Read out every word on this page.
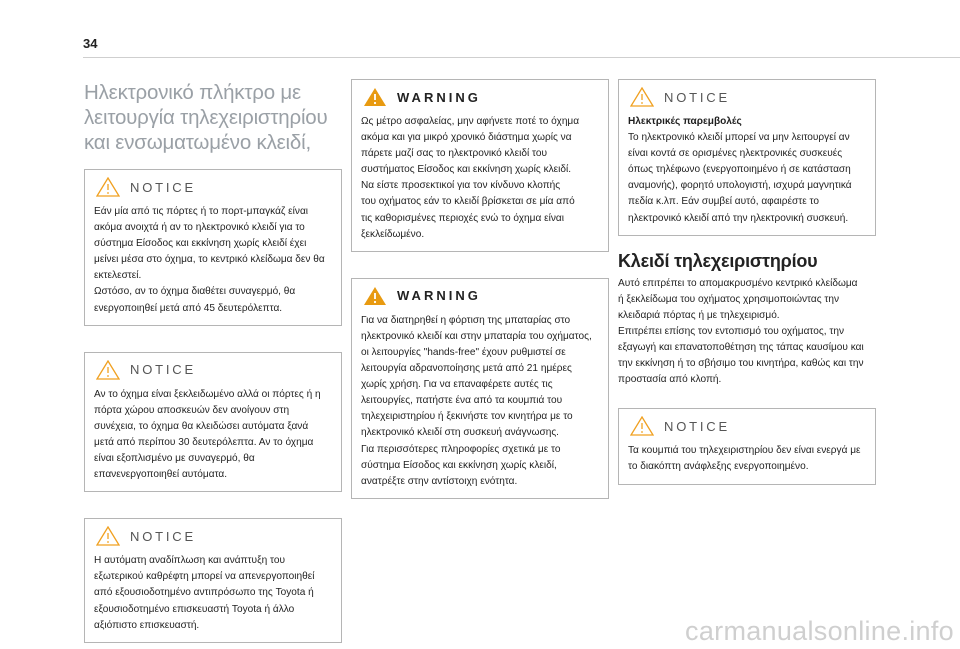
34
Ηλεκτρονικό πλήκτρο με
λειτουργία τηλεχειριστηρίου
και ενσωματωμένο κλειδί,
NOTICE

Εάν μία από τις πόρτες ή το πορτ-μπαγκάζ είναι
ακόμα ανοιχτά ή αν το ηλεκτρονικό κλειδί για το
σύστημα Είσοδος και εκκίνηση χωρίς κλειδί έχει
μείνει μέσα στο όχημα, το κεντρικό κλείδωμα δεν θα
εκτελεστεί.
Ωστόσο, αν το όχημα διαθέτει συναγερμό, θα
ενεργοποιηθεί μετά από 45 δευτερόλεπτα.

NOTICE

Αν το όχημα είναι ξεκλειδωμένο αλλά οι πόρτες ή η
πόρτα χώρου αποσκευών δεν ανοίγουν στη
συνέχεια, το όχημα θα κλειδώσει αυτόματα ξανά
μετά από περίπου 30 δευτερόλεπτα. Αν το όχημα
είναι εξοπλισμένο με συναγερμό, θα
επανενεργοποιηθεί αυτόματα.

NOTICE

Η αυτόματη αναδίπλωση και ανάπτυξη του
εξωτερικού καθρέφτη μπορεί να απενεργοποιηθεί
από εξουσιοδοτημένο αντιπρόσωπο της Toyota ή
εξουσιοδοτημένο επισκευαστή Toyota ή άλλο
αξιόπιστο επισκευαστή.

WARNING

Ως μέτρο ασφαλείας, μην αφήνετε ποτέ το όχημα
ακόμα και για μικρό χρονικό διάστημα χωρίς να
πάρετε μαζί σας το ηλεκτρονικό κλειδί του
συστήματος Είσοδος και εκκίνηση χωρίς κλειδί.
Να είστε προσεκτικοί για τον κίνδυνο κλοπής
του οχήματος εάν το κλειδί βρίσκεται σε μία από
τις καθορισμένες περιοχές ενώ το όχημα είναι
ξεκλείδωμένο.

WARNING

Για να διατηρηθεί η φόρτιση της μπαταρίας στο
ηλεκτρονικό κλειδί και στην μπαταρία του οχήματος,
οι λειτουργίες "hands-free" έχουν ρυθμιστεί σε
λειτουργία αδρανοποίησης μετά από 21 ημέρες
χωρίς χρήση. Για να επαναφέρετε αυτές τις
λειτουργίες, πατήστε ένα από τα κουμπιά του
τηλεχειριστηρίου ή ξεκινήστε τον κινητήρα με το
ηλεκτρονικό κλειδί στη συσκευή ανάγνωσης.
Για περισσότερες πληροφορίες σχετικά με το
σύστημα Είσοδος και εκκίνηση χωρίς κλειδί,
ανατρέξτε στην αντίστοιχη ενότητα.

NOTICE
Ηλεκτρικές παρεμβολές

Το ηλεκτρονικό κλειδί μπορεί να μην λειτουργεί αν
είναι κοντά σε ορισμένες ηλεκτρονικές συσκευές
όπως τηλέφωνο (ενεργοποιημένο ή σε κατάσταση
αναμονής), φορητό υπολογιστή, ισχυρά μαγνητικά
πεδία κ.λπ. Εάν συμβεί αυτό, αφαιρέστε το
ηλεκτρονικό κλειδί από την ηλεκτρονική συσκευή.

Κλειδί τηλεχειριστηρίου
Αυτό επιτρέπει το απομακρυσμένο κεντρικό κλείδωμα
ή ξεκλείδωμα του οχήματος χρησιμοποιώντας την
κλειδαριά πόρτας ή με τηλεχειρισμό.
Επιτρέπει επίσης τον εντοπισμό του οχήματος, την
εξαγωγή και επανατοποθέτηση της τάπας καυσίμου και
την εκκίνηση ή το σβήσιμο του κινητήρα, καθώς και την
προστασία από κλοπή.
NOTICE

Τα κουμπιά του τηλεχειριστηρίου δεν είναι ενεργά με
το διακόπτη ανάφλεξης ενεργοποιημένο.

carmanualsonline.info
